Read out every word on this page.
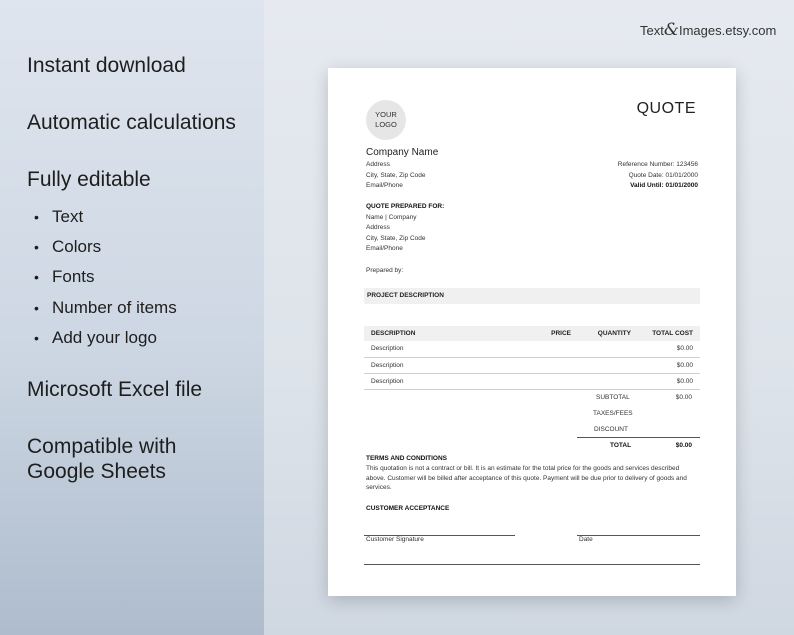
Instant download

Automatic calculations

Fully editable

• Text
• Colors
• Fonts
• Number of items
• Add your logo

Microsoft Excel file

Compatible with

Google Sheets

Text&Images.etsy.com
YOUR
LOGO
QUOTE
Company Name
Address
City, State, Zip Code
Email/Phone
Reference Number: 123456
Quote Date: 01/01/2000
Valid Until: 01/01/2000
QUOTE PREPARED FOR:
Name | Company
Address
City, State, Zip Code
Email/Phone
Prepared by:
PROJECT DESCRIPTION
DESCRIPTION	PRICE	QUANTITY	TOTAL COST
Description			$0.00
Description			$0.00
Description			$0.00
SUBTOTAL	$0.00
TAXES/FEES
DISCOUNT
TOTAL	$0.00
TERMS AND CONDITIONS
This quotation is not a contract or bill. It is an estimate for the total price for the goods and services described above. Customer will be billed after acceptance of this quote. Payment will be due prior to delivery of goods and services.
CUSTOMER ACCEPTANCE
Customer Signature	Date
